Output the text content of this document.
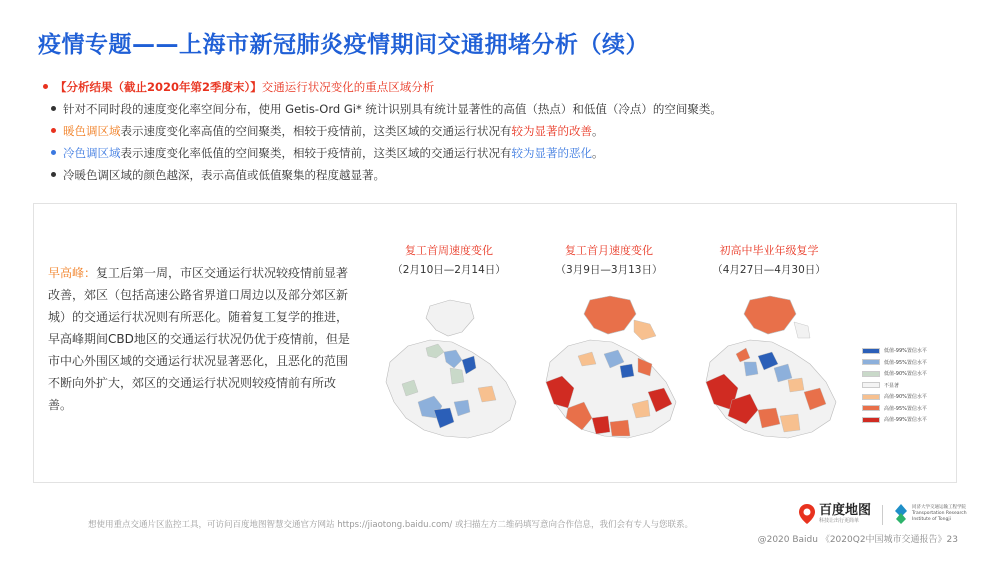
疫情专题——上海市新冠肺炎疫情期间交通拥堵分析（续）
【分析结果（截止2020年第2季度末）】交通运行状况变化的重点区域分析
针对不同时段的速度变化率空间分布，使用 Getis-Ord Gi* 统计识别具有统计显著性的高值（热点）和低值（冷点）的空间聚类。
暖色调区域表示速度变化率高值的空间聚类，相较于疫情前，这类区域的交通运行状况有较为显著的改善。
冷色调区域表示速度变化率低值的空间聚类，相较于疫情前，这类区域的交通运行状况有较为显著的恶化。
冷暖色调区域的颜色越深，表示高值或低值聚集的程度越显著。
早高峰：复工后第一周，市区交通运行状况较疫情前显著改善，郊区（包括高速公路省界道口周边以及部分郊区新城）的交通运行状况则有所恶化。随着复工复学的推进，早高峰期间CBD地区的交通运行状况仍优于疫情前，但是市中心外围区域的交通运行状况显著恶化，且恶化的范围不断向外扩大，郊区的交通运行状况则较疫情前有所改善。
复工首周速度变化
（2月10日—2月14日）
复工首月速度变化
（3月9日—3月13日）
初高中毕业年级复学
（4月27日—4月30日）
低值-99%置信水平
低值-95%置信水平
低值-90%置信水平
不显著
高值-90%置信水平
高值-95%置信水平
高值-99%置信水平
想使用重点交通片区监控工具，可访问百度地图智慧交通官方网站 https://jiaotong.baidu.com/ 或扫描左方二维码填写意向合作信息，我们会有专人与您联系。
百度地图
科技让出行更简单
同济大学交通运输工程学院 Transportation Research Institute of Tongji
@2020 Baidu 《2020Q2中国城市交通报告》23
